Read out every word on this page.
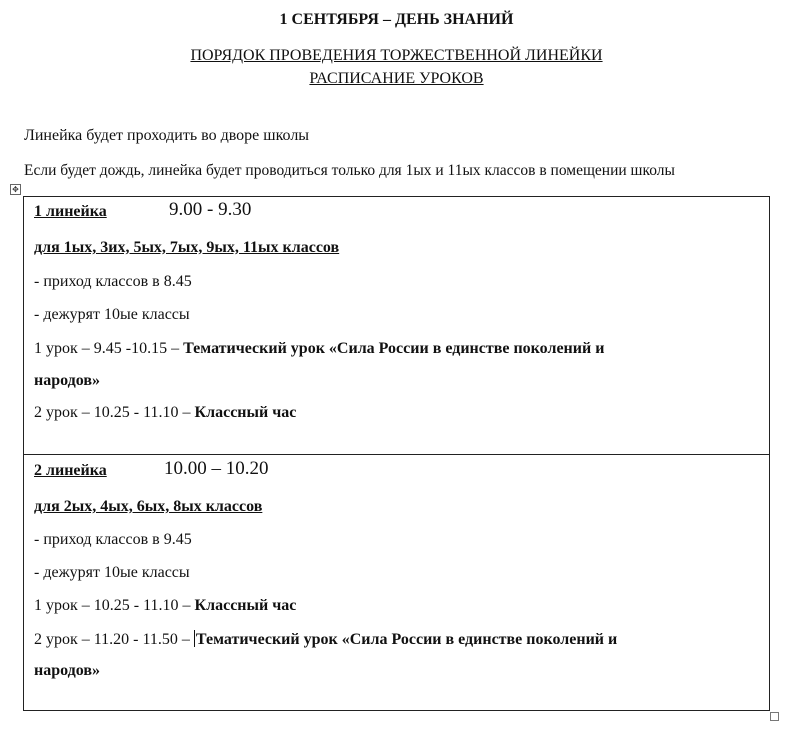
1 СЕНТЯБРЯ – ДЕНЬ ЗНАНИЙ
ПОРЯДОК ПРОВЕДЕНИЯ ТОРЖЕСТВЕННОЙ ЛИНЕЙКИ
РАСПИСАНИЕ УРОКОВ
Линейка будет проходить во дворе школы
Если будет дождь, линейка будет проводиться только для 1ых и 11ых классов в помещении школы
✥
1 линейка	9.00 - 9.30
для 1ых, 3их, 5ых, 7ых, 9ых, 11ых классов
- приход классов в 8.45
- дежурят 10ые классы
1 урок – 9.45 -10.15 – Тематический урок «Сила России в единстве поколений и
народов»
2 урок – 10.25 - 11.10 – Классный час
2 линейка	10.00 – 10.20
для 2ых, 4ых, 6ых, 8ых классов
- приход классов в 9.45
- дежурят 10ые классы
1 урок – 10.25 - 11.10 – Классный час
2 урок – 11.20 - 11.50 – Тематический урок «Сила России в единстве поколений и
народов»
